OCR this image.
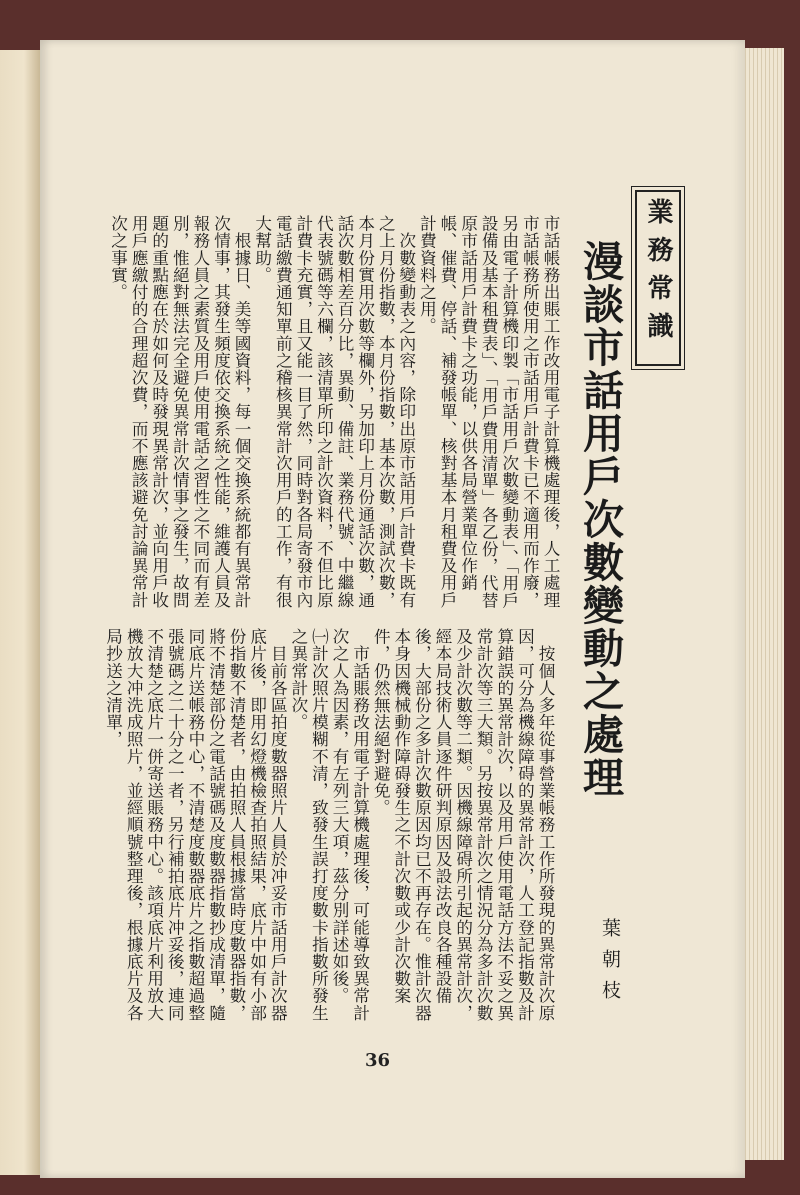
業務常識
漫談市話用戶次數變動之處理
葉朝枝
市話帳務出賬工作改用電子計算機處理後，人工處理市話帳務所使用之市話用戶計費卡已不適用而作廢，另由電子計算機印製「市話用戶次數變動表」、「用戶設備及基本租費表」、「用戶費用清單」各乙份，代替原市話用戶計費卡之功能，以供各局營業單位作銷帳、催費、停話、補發帳單、核對基本月租費及用戶計費資料之用。
　次數變動表之內容，除印出原市話用戶計費卡既有之上月份指數，本月份指數，基本次數，測試次數，本月份實用次數等欄外，另加印上月份通話次數，通話次數相差百分比，異動、備註、業務代號、中繼線代表號碼等六欄，該清單所印之計次資料，不但比原計費卡充實，且又能一目了然，同時對各局寄發市內電話繳費通知單前之稽核異常計次用戶的工作，有很大幫助。
　根據日、美等國資料，每一個交換系統都有異常計次情事，其發生頻度依交換系統之性能，維護人員及報務人員之素質及用戶使用電話之習性之不同而有差別，惟絕對無法完全避免異常計次情事之發生，故問題的重點應在於如何及時發現異常計次，並向用戶收用戶應繳付的合理超次費，而不應該避免討論異常計次之事實。
　按個人多年從事營業帳務工作所發現的異常計次原因，可分為機線障碍的異常計次，人工登記指數及計算錯誤的異常計次，以及用戶使用電話方法不妥之異常計次等三大類。另按異常計次之情況分為多計次數及少計次數等二類。因機線障碍所引起的異常計次，經本局技術人員逐件研判原因及設法改良各種設備後，大部份之多計次數原因均已不再存在。惟計次器本身因機械動作障碍發生之不計次數或少計次數案件，仍然無法絕對避免。
　市話賬務改用電子計算機處理後，可能導致異常計次之人為因素，有左列三大項，茲分別詳述如後。
㈠計次照片模糊不清，致發生誤打度數卡指數所發生之異常計次。
　目前各區拍度數器照片人員於冲妥市話用戶計次器底片後，即用幻燈機檢查拍照結果，底片中如有小部份指數不清楚者，由拍照人員根據當時度數器指數，將不清楚部份之電話號碼及度數器指數抄成清單，隨同底片送帳務中心，不清楚度數器底片之指數超過整張號碼之二十分之一者，另行補拍底片冲妥後，連同不清楚之底片一併寄送賬務中心。該項底片利用放大機放大冲洗成照片，並經順號整理後，根據底片及各局抄送之清單，
36
